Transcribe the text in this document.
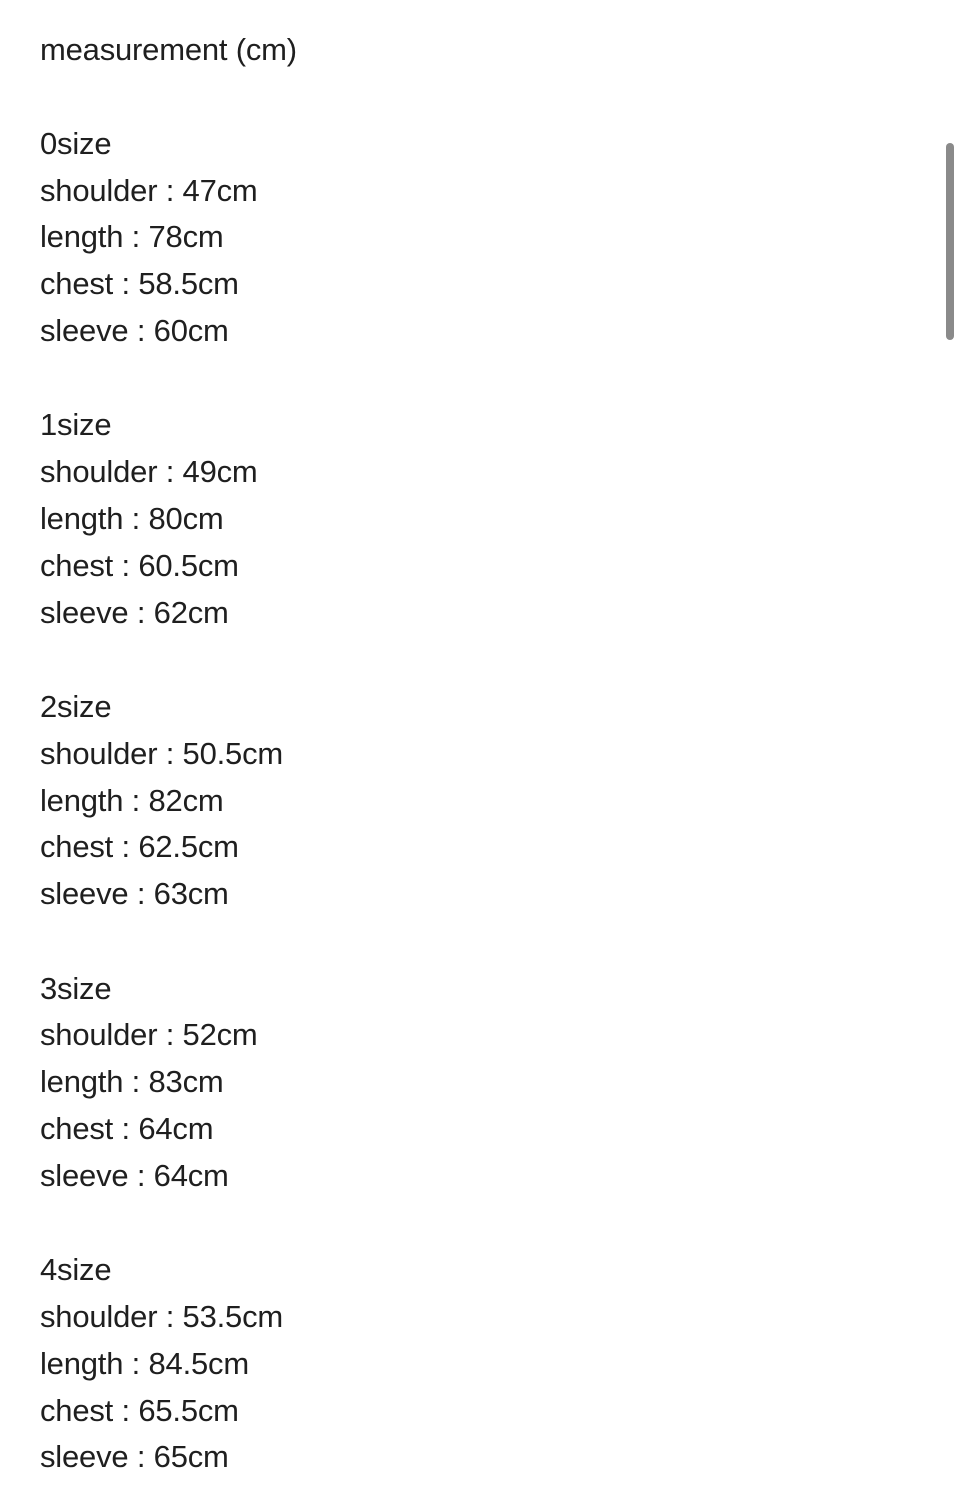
measurement (cm)
0size
shoulder : 47cm
length : 78cm
chest : 58.5cm
sleeve : 60cm
1size
shoulder : 49cm
length : 80cm
chest : 60.5cm
sleeve : 62cm
2size
shoulder : 50.5cm
length : 82cm
chest : 62.5cm
sleeve : 63cm
3size
shoulder : 52cm
length : 83cm
chest : 64cm
sleeve : 64cm
4size
shoulder : 53.5cm
length : 84.5cm
chest : 65.5cm
sleeve : 65cm
